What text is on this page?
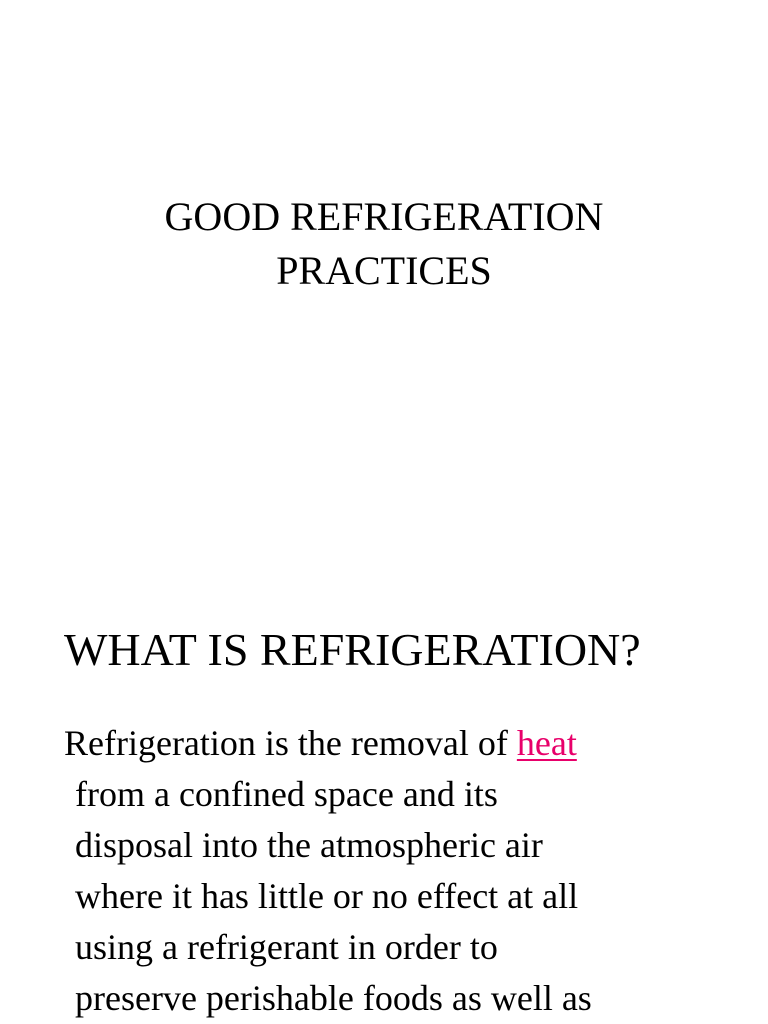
GOOD REFRIGERATION
PRACTICES
WHAT IS REFRIGERATION?
Refrigeration is the removal of heat
from a confined space and its
disposal into the atmospheric air
where it has little or no effect at all
using a refrigerant in order to
preserve perishable foods as well as
